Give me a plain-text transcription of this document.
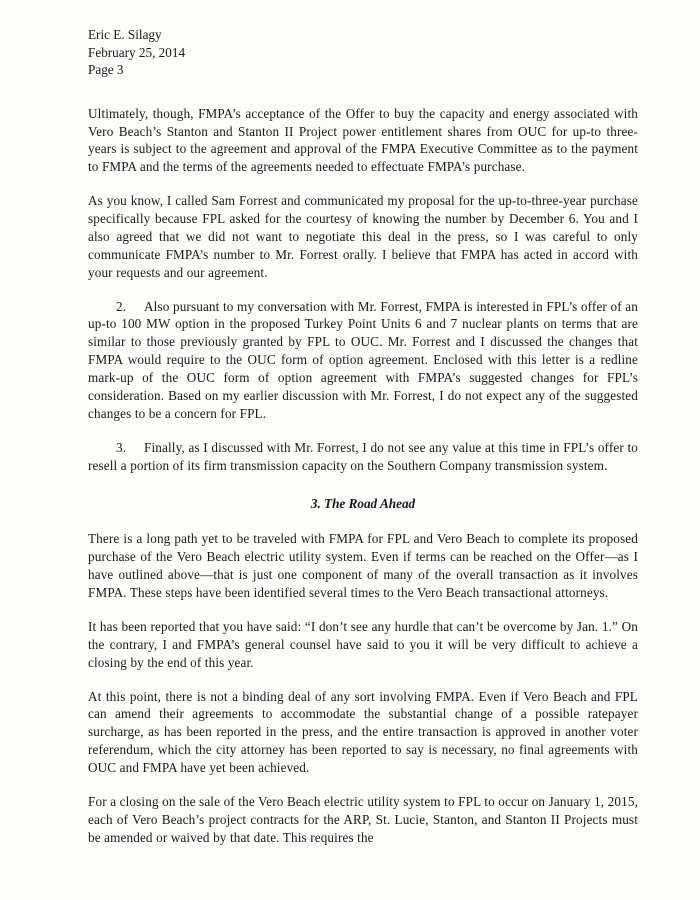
Eric E. Silagy
February 25, 2014
Page 3

Ultimately, though, FMPA’s acceptance of the Offer to buy the capacity and energy associated with Vero Beach’s Stanton and Stanton II Project power entitlement shares from OUC for up-to three-years is subject to the agreement and approval of the FMPA Executive Committee as to the payment to FMPA and the terms of the agreements needed to effectuate FMPA’s purchase.

As you know, I called Sam Forrest and communicated my proposal for the up-to-three-year purchase specifically because FPL asked for the courtesy of knowing the number by December 6. You and I also agreed that we did not want to negotiate this deal in the press, so I was careful to only communicate FMPA’s number to Mr. Forrest orally. I believe that FMPA has acted in accord with your requests and our agreement.

2. Also pursuant to my conversation with Mr. Forrest, FMPA is interested in FPL’s offer of an up-to 100 MW option in the proposed Turkey Point Units 6 and 7 nuclear plants on terms that are similar to those previously granted by FPL to OUC. Mr. Forrest and I discussed the changes that FMPA would require to the OUC form of option agreement. Enclosed with this letter is a redline mark-up of the OUC form of option agreement with FMPA’s suggested changes for FPL’s consideration. Based on my earlier discussion with Mr. Forrest, I do not expect any of the suggested changes to be a concern for FPL.

3. Finally, as I discussed with Mr. Forrest, I do not see any value at this time in FPL’s offer to resell a portion of its firm transmission capacity on the Southern Company transmission system.

3. The Road Ahead

There is a long path yet to be traveled with FMPA for FPL and Vero Beach to complete its proposed purchase of the Vero Beach electric utility system. Even if terms can be reached on the Offer—as I have outlined above—that is just one component of many of the overall transaction as it involves FMPA. These steps have been identified several times to the Vero Beach transactional attorneys.

It has been reported that you have said: “I don’t see any hurdle that can’t be overcome by Jan. 1.” On the contrary, I and FMPA’s general counsel have said to you it will be very difficult to achieve a closing by the end of this year.

At this point, there is not a binding deal of any sort involving FMPA. Even if Vero Beach and FPL can amend their agreements to accommodate the substantial change of a possible ratepayer surcharge, as has been reported in the press, and the entire transaction is approved in another voter referendum, which the city attorney has been reported to say is necessary, no final agreements with OUC and FMPA have yet been achieved.

For a closing on the sale of the Vero Beach electric utility system to FPL to occur on January 1, 2015, each of Vero Beach’s project contracts for the ARP, St. Lucie, Stanton, and Stanton II Projects must be amended or waived by that date. This requires the
